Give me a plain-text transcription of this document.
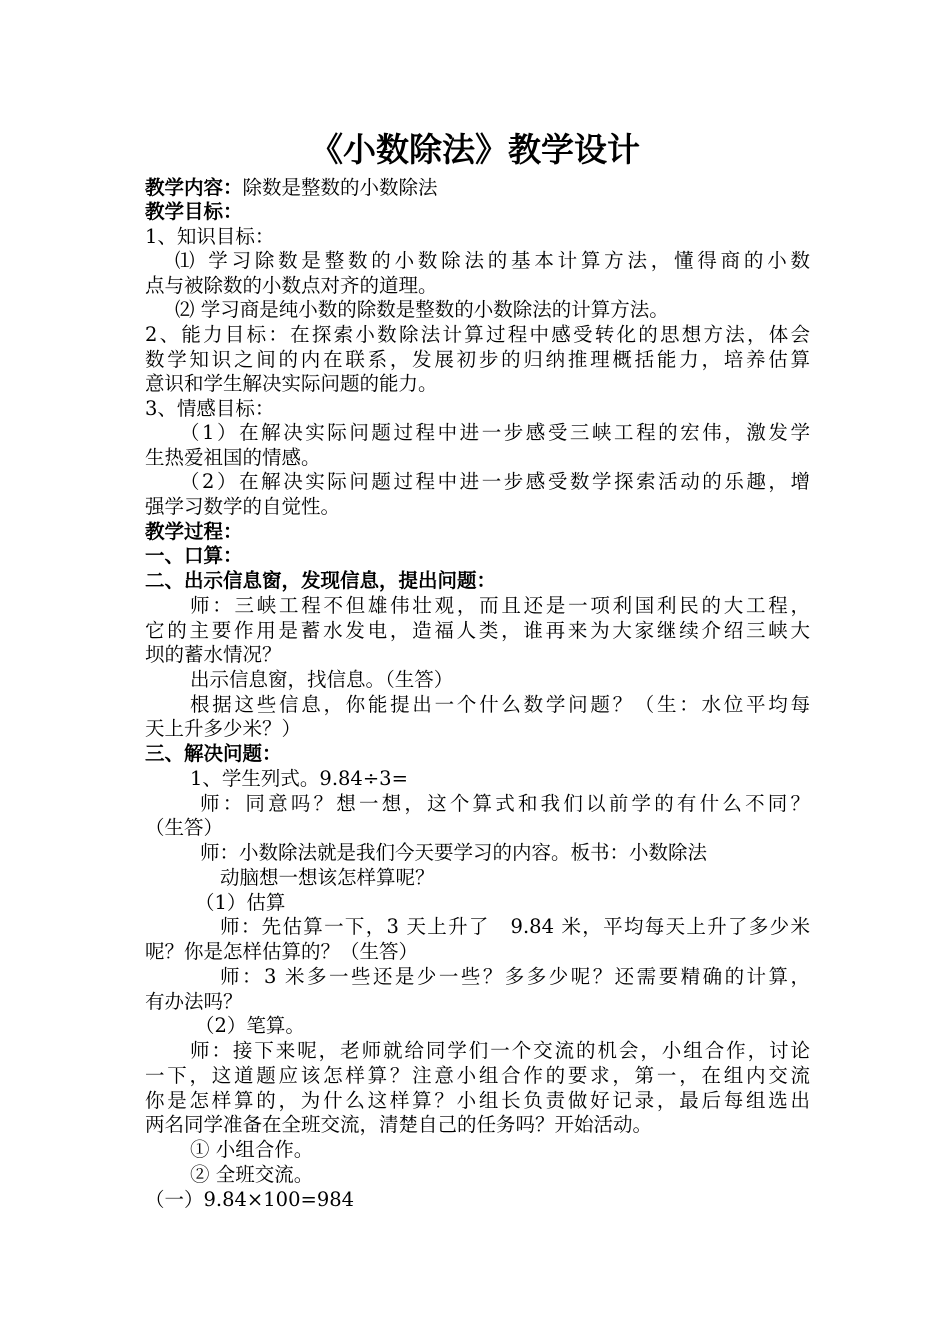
《小数除法》教学设计
教学内容：除数是整数的小数除法
教学目标：
1、知识目标：
⑴ 学习除数是整数的小数除法的基本计算方法，懂得商的小数
点与被除数的小数点对齐的道理。
⑵ 学习商是纯小数的除数是整数的小数除法的计算方法。
2、能力目标：在探索小数除法计算过程中感受转化的思想方法，体会
数学知识之间的内在联系，发展初步的归纳推理概括能力，培养估算
意识和学生解决实际问题的能力。
3、情感目标：
（1）在解决实际问题过程中进一步感受三峡工程的宏伟，激发学
生热爱祖国的情感。
（2）在解决实际问题过程中进一步感受数学探索活动的乐趣，增
强学习数学的自觉性。
教学过程：
一、口算：
二、出示信息窗，发现信息，提出问题：
师：三峡工程不但雄伟壮观，而且还是一项利国利民的大工程，
它的主要作用是蓄水发电，造福人类，谁再来为大家继续介绍三峡大
坝的蓄水情况？
出示信息窗，找信息。（生答）
根据这些信息，你能提出一个什么数学问题？（生：水位平均每
天上升多少米？）
三、解决问题：
1、学生列式。9.84÷3=
师：同意吗？想一想，这个算式和我们以前学的有什么不同？
（生答）
师：小数除法就是我们今天要学习的内容。板书：小数除法
动脑想一想该怎样算呢？
（1）估算
师：先估算一下，3 天上升了　9.84 米，平均每天上升了多少米
呢？你是怎样估算的？（生答）
师：3 米多一些还是少一些？多多少呢？还需要精确的计算，
有办法吗？
（2）笔算。
师：接下来呢，老师就给同学们一个交流的机会，小组合作，讨论
一下，这道题应该怎样算？注意小组合作的要求，第一，在组内交流
你是怎样算的，为什么这样算？小组长负责做好记录，最后每组选出
两名同学准备在全班交流，清楚自己的任务吗？开始活动。
① 小组合作。
② 全班交流。
（一）9.84×100=984
